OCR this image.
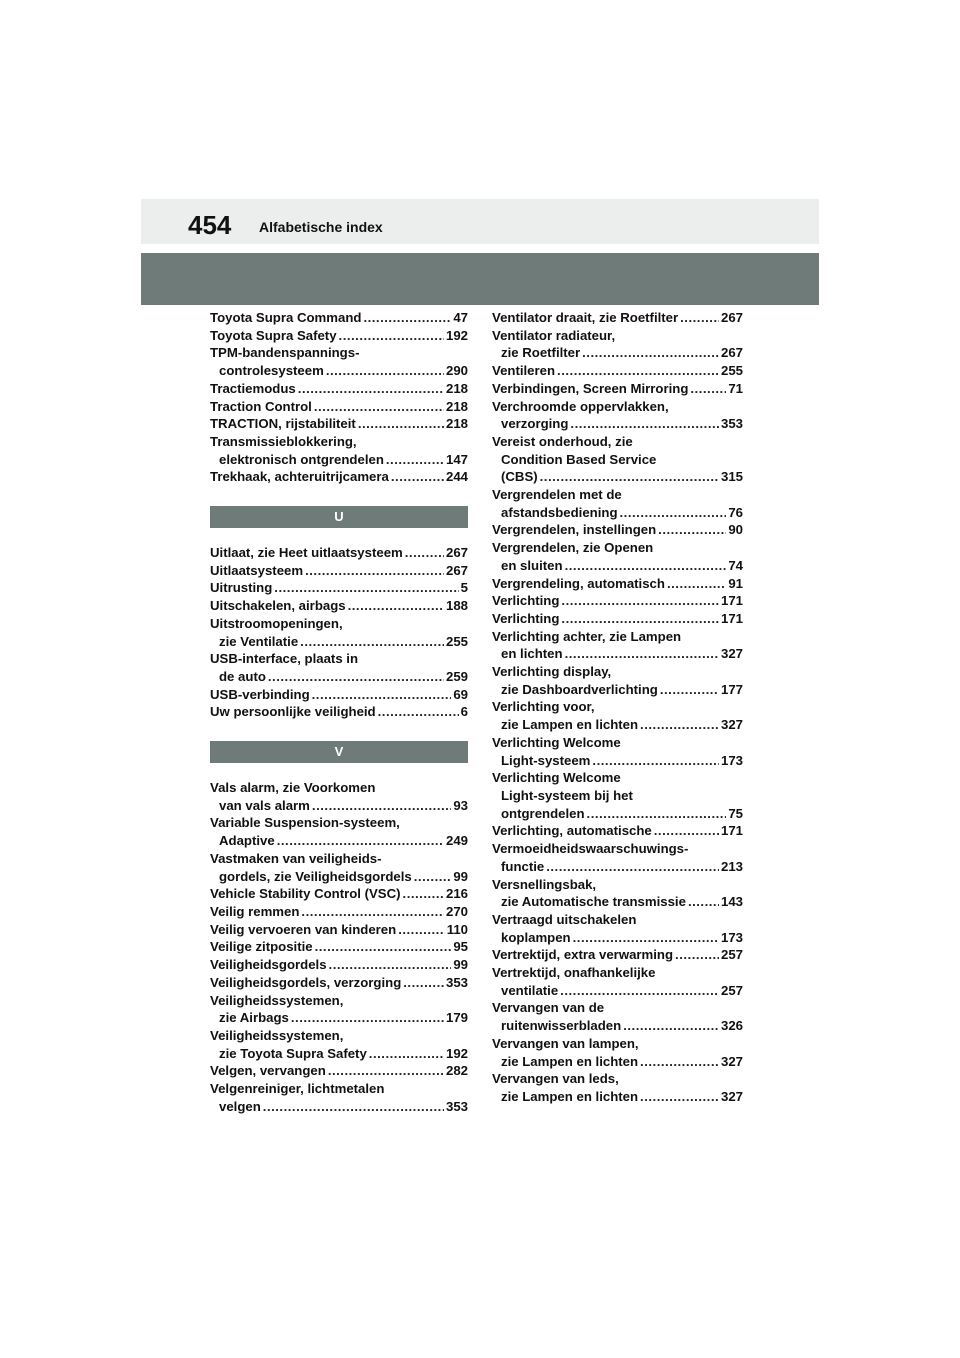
454 Alfabetische index
Toyota Supra Command .....	47
Toyota Supra Safety .....	192
TPM-bandenspannings-
controlesysteem .....	290
Tractiemodus .....	218
Traction Control .....	218
TRACTION, rijstabiliteit .....	218
Transmissieblokkering,
elektronisch ontgrendelen .....	147
Trekhaak, achteruitrijcamera .....	244
U
Uitlaat, zie Heet uitlaatsysteem .....	267
Uitlaatsysteem .....	267
Uitrusting .....	5
Uitschakelen, airbags .....	188
Uitstroomopeningen,
zie Ventilatie .....	255
USB-interface, plaats in
de auto .....	259
USB-verbinding .....	69
Uw persoonlijke veiligheid .....	6
V
Vals alarm, zie Voorkomen
van vals alarm .....	93
Variable Suspension-systeem,
Adaptive .....	249
Vastmaken van veiligheids-
gordels, zie Veiligheidsgordels .....	99
Vehicle Stability Control (VSC) .....	216
Veilig remmen .....	270
Veilig vervoeren van kinderen .....	110
Veilige zitpositie .....	95
Veiligheidsgordels .....	99
Veiligheidsgordels, verzorging .....	353
Veiligheidssystemen,
zie Airbags .....	179
Veiligheidssystemen,
zie Toyota Supra Safety .....	192
Velgen, vervangen .....	282
Velgenreiniger, lichtmetalen
velgen .....	353
Ventilator draait, zie Roetfilter .....	267
Ventilator radiateur,
zie Roetfilter .....	267
Ventileren .....	255
Verbindingen, Screen Mirroring .....	71
Verchroomde oppervlakken,
verzorging .....	353
Vereist onderhoud, zie
Condition Based Service
(CBS) .....	315
Vergrendelen met de
afstandsbediening .....	76
Vergrendelen, instellingen .....	90
Vergrendelen, zie Openen
en sluiten .....	74
Vergrendeling, automatisch .....	91
Verlichting .....	171
Verlichting .....	171
Verlichting achter, zie Lampen
en lichten .....	327
Verlichting display,
zie Dashboardverlichting .....	177
Verlichting voor,
zie Lampen en lichten .....	327
Verlichting Welcome
Light-systeem .....	173
Verlichting Welcome
Light-systeem bij het
ontgrendelen .....	75
Verlichting, automatische .....	171
Vermoeidheidswaarschuwings-
functie .....	213
Versnellingsbak,
zie Automatische transmissie .....	143
Vertraagd uitschakelen
koplampen .....	173
Vertrektijd, extra verwarming .....	257
Vertrektijd, onafhankelijke
ventilatie .....	257
Vervangen van de
ruitenwisserbladen .....	326
Vervangen van lampen,
zie Lampen en lichten .....	327
Vervangen van leds,
zie Lampen en lichten .....	327
